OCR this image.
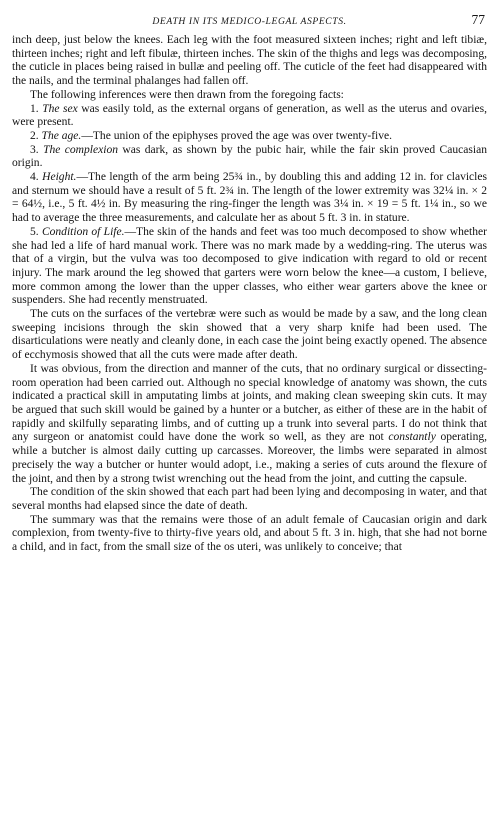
DEATH IN ITS MEDICO-LEGAL ASPECTS.	77

inch deep, just below the knees. Each leg with the foot measured sixteen inches; right and left tibiæ, thirteen inches; right and left fibulæ, thirteen inches. The skin of the thighs and legs was decomposing, the cuticle in places being raised in bullæ and peeling off. The cuticle of the feet had disappeared with the nails, and the terminal phalanges had fallen off.

The following inferences were then drawn from the foregoing facts:

1. The sex was easily told, as the external organs of generation, as well as the uterus and ovaries, were present.

2. The age.—The union of the epiphyses proved the age was over twenty-five.

3. The complexion was dark, as shown by the pubic hair, while the fair skin proved Caucasian origin.

4. Height.—The length of the arm being 25¾ in., by doubling this and adding 12 in. for clavicles and sternum we should have a result of 5 ft. 2¾ in. The length of the lower extremity was 32¼ in. × 2 = 64½, i.e., 5 ft. 4½ in. By measuring the ring-finger the length was 3¼ in. × 19 = 5 ft. 1¼ in., so we had to average the three measurements, and calculate her as about 5 ft. 3 in. in stature.

5. Condition of Life.—The skin of the hands and feet was too much decomposed to show whether she had led a life of hard manual work. There was no mark made by a wedding-ring. The uterus was that of a virgin, but the vulva was too decomposed to give indication with regard to old or recent injury. The mark around the leg showed that garters were worn below the knee—a custom, I believe, more common among the lower than the upper classes, who either wear garters above the knee or suspenders. She had recently menstruated.

The cuts on the surfaces of the vertebræ were such as would be made by a saw, and the long clean sweeping incisions through the skin showed that a very sharp knife had been used. The disarticulations were neatly and cleanly done, in each case the joint being exactly opened. The absence of ecchymosis showed that all the cuts were made after death.

It was obvious, from the direction and manner of the cuts, that no ordinary surgical or dissecting-room operation had been carried out. Although no special knowledge of anatomy was shown, the cuts indicated a practical skill in amputating limbs at joints, and making clean sweeping skin cuts. It may be argued that such skill would be gained by a hunter or a butcher, as either of these are in the habit of rapidly and skilfully separating limbs, and of cutting up a trunk into several parts. I do not think that any surgeon or anatomist could have done the work so well, as they are not constantly operating, while a butcher is almost daily cutting up carcasses. Moreover, the limbs were separated in almost precisely the way a butcher or hunter would adopt, i.e., making a series of cuts around the flexure of the joint, and then by a strong twist wrenching out the head from the joint, and cutting the capsule.

The condition of the skin showed that each part had been lying and decomposing in water, and that several months had elapsed since the date of death.

The summary was that the remains were those of an adult female of Caucasian origin and dark complexion, from twenty-five to thirty-five years old, and about 5 ft. 3 in. high, that she had not borne a child, and in fact, from the small size of the os uteri, was unlikely to conceive; that
